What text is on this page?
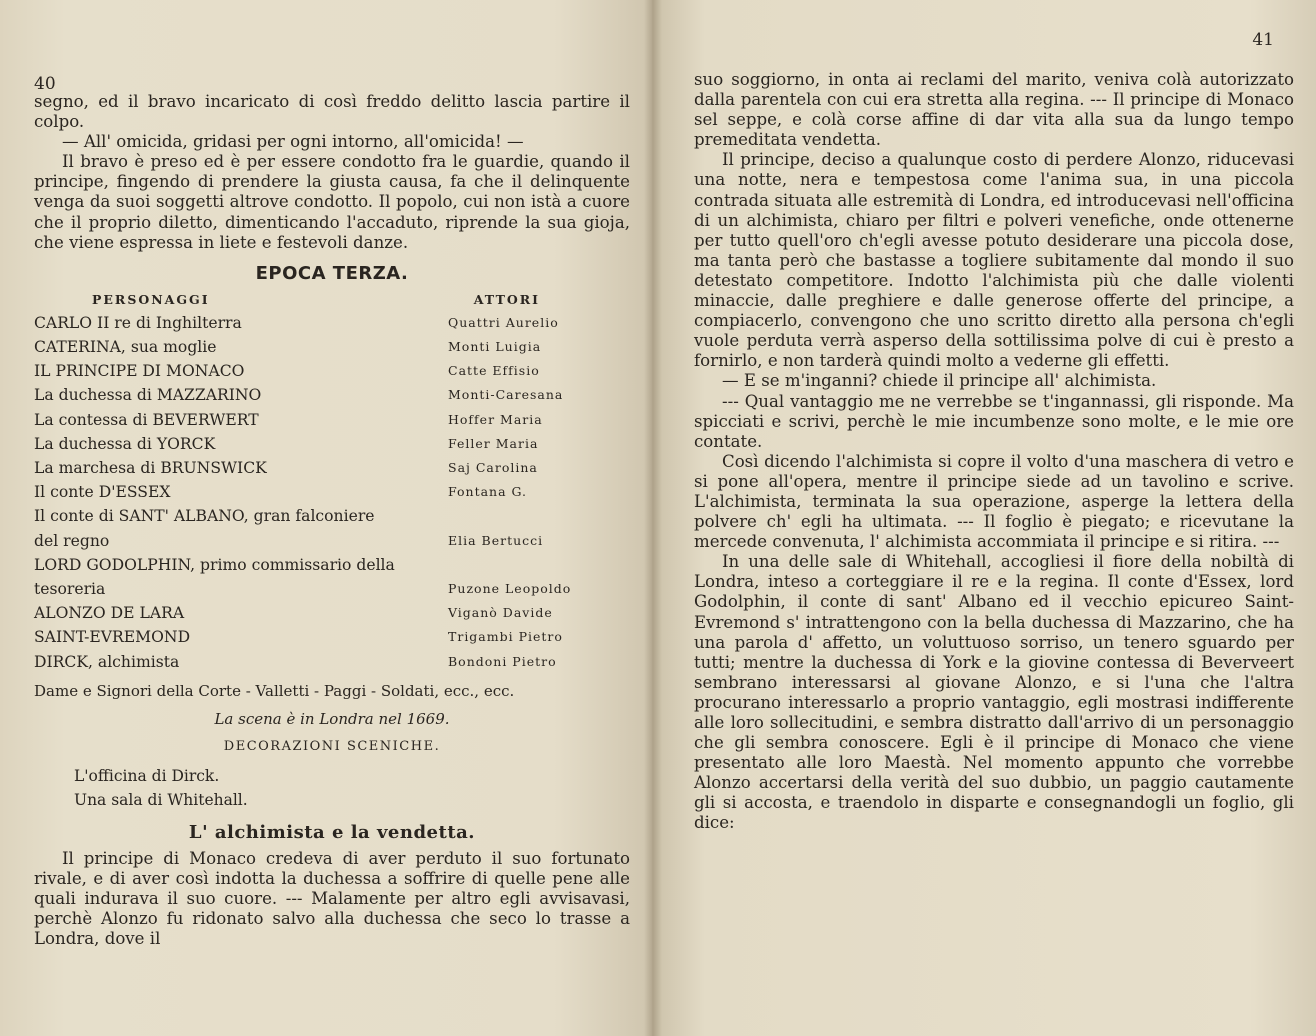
40

segno, ed il bravo incaricato di così freddo delitto lascia partire il colpo.

— All' omicida, gridasi per ogni intorno, all'omicida! —

Il bravo è preso ed è per essere condotto fra le guardie, quando il principe, fingendo di prendere la giusta causa, fa che il delinquente venga da suoi soggetti altrove condotto. Il popolo, cui non istà a cuore che il proprio diletto, dimenticando l'accaduto, riprende la sua gioja, che viene espressa in liete e festevoli danze.

EPOCA TERZA.
PERSONAGGI	ATTORI
CARLO II re di Inghilterra	Quattri Aurelio
CATERINA, sua moglie	Monti Luigia
IL PRINCIPE DI MONACO	Catte Effisio
La duchessa di MAZZARINO	Monti-Caresana
La contessa di BEVERWERT	Hoffer Maria
La duchessa di YORCK	Feller Maria
La marchesa di BRUNSWICK	Saj Carolina
Il conte D'ESSEX	Fontana G.
Il conte di SANT' ALBANO, gran falconiere	
del regno	Elia Bertucci
LORD GODOLPHIN, primo commissario della	
tesoreria	Puzone Leopoldo
ALONZO DE LARA	Viganò Davide
SAINT-EVREMOND	Trigambi Pietro
DIRCK, alchimista	Bondoni Pietro

Dame e Signori della Corte - Valletti - Paggi - Soldati, ecc., ecc.

La scena è in Londra nel 1669.

DECORAZIONI SCENICHE.

L'officina di Dirck.
Una sala di Whitehall.
L' alchimista e la vendetta.

Il principe di Monaco credeva di aver perduto il suo fortunato rivale, e di aver così indotta la duchessa a soffrire di quelle pene alle quali indurava il suo cuore. --- Malamente per altro egli avvisavasi, perchè Alonzo fu ridonato salvo alla duchessa che seco lo trasse a Londra, dove il

41

suo soggiorno, in onta ai reclami del marito, veniva colà autorizzato dalla parentela con cui era stretta alla regina. --- Il principe di Monaco sel seppe, e colà corse affine di dar vita alla sua da lungo tempo premeditata vendetta.

Il principe, deciso a qualunque costo di perdere Alonzo, riducevasi una notte, nera e tempestosa come l'anima sua, in una piccola contrada situata alle estremità di Londra, ed introducevasi nell'officina di un alchimista, chiaro per filtri e polveri venefiche, onde ottenerne per tutto quell'oro ch'egli avesse potuto desiderare una piccola dose, ma tanta però che bastasse a togliere subitamente dal mondo il suo detestato competitore. Indotto l'alchimista più che dalle violenti minaccie, dalle preghiere e dalle generose offerte del principe, a compiacerlo, convengono che uno scritto diretto alla persona ch'egli vuole perduta verrà asperso della sottilissima polve di cui è presto a fornirlo, e non tarderà quindi molto a vederne gli effetti.

— E se m'inganni? chiede il principe all' alchimista.

--- Qual vantaggio me ne verrebbe se t'ingannassi, gli risponde. Ma spicciati e scrivi, perchè le mie incumbenze sono molte, e le mie ore contate.

Così dicendo l'alchimista si copre il volto d'una maschera di vetro e si pone all'opera, mentre il principe siede ad un tavolino e scrive. L'alchimista, terminata la sua operazione, asperge la lettera della polvere ch' egli ha ultimata. --- Il foglio è piegato; e ricevutane la mercede convenuta, l' alchimista accommiata il principe e si ritira. ---

In una delle sale di Whitehall, accogliesi il fiore della nobiltà di Londra, inteso a corteggiare il re e la regina. Il conte d'Essex, lord Godolphin, il conte di sant' Albano ed il vecchio epicureo Saint-Evremond s' intrattengono con la bella duchessa di Mazzarino, che ha una parola d' affetto, un voluttuoso sorriso, un tenero sguardo per tutti; mentre la duchessa di York e la giovine contessa di Beverveert sembrano interessarsi al giovane Alonzo, e si l'una che l'altra procurano interessarlo a proprio vantaggio, egli mostrasi indifferente alle loro sollecitudini, e sembra distratto dall'arrivo di un personaggio che gli sembra conoscere. Egli è il principe di Monaco che viene presentato alle loro Maestà. Nel momento appunto che vorrebbe Alonzo accertarsi della verità del suo dubbio, un paggio cautamente gli si accosta, e traendolo in disparte e consegnandogli un foglio, gli dice:
